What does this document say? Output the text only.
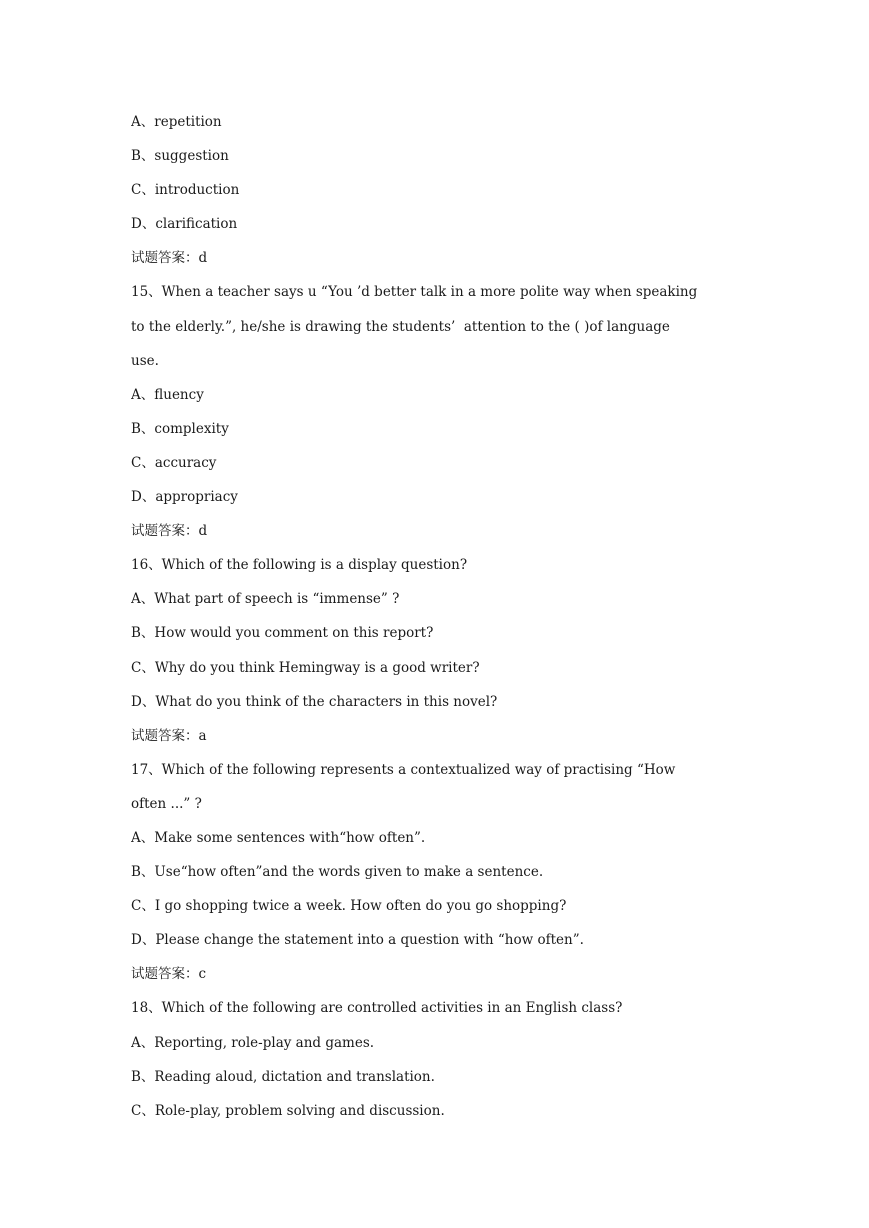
A、repetition
B、suggestion
C、introduction
D、clarification
试题答案：d
15、When a teacher says u “You ’d better talk in a more polite way when speaking
to the elderly.”, he/she is drawing the students’  attention to the ( )of language
use.
A、fluency
B、complexity
C、accuracy
D、appropriacy
试题答案：d
16、Which of the following is a display question?
A、What part of speech is “immense” ?
B、How would you comment on this report?
C、Why do you think Hemingway is a good writer?
D、What do you think of the characters in this novel?
试题答案：a
17、Which of the following represents a contextualized way of practising “How
often ...” ?
A、Make some sentences with“how often”.
B、Use“how often”and the words given to make a sentence.
C、I go shopping twice a week. How often do you go shopping?
D、Please change the statement into a question with “how often”.
试题答案：c
18、Which of the following are controlled activities in an English class?
A、Reporting, role-play and games.
B、Reading aloud, dictation and translation.
C、Role-play, problem solving and discussion.
